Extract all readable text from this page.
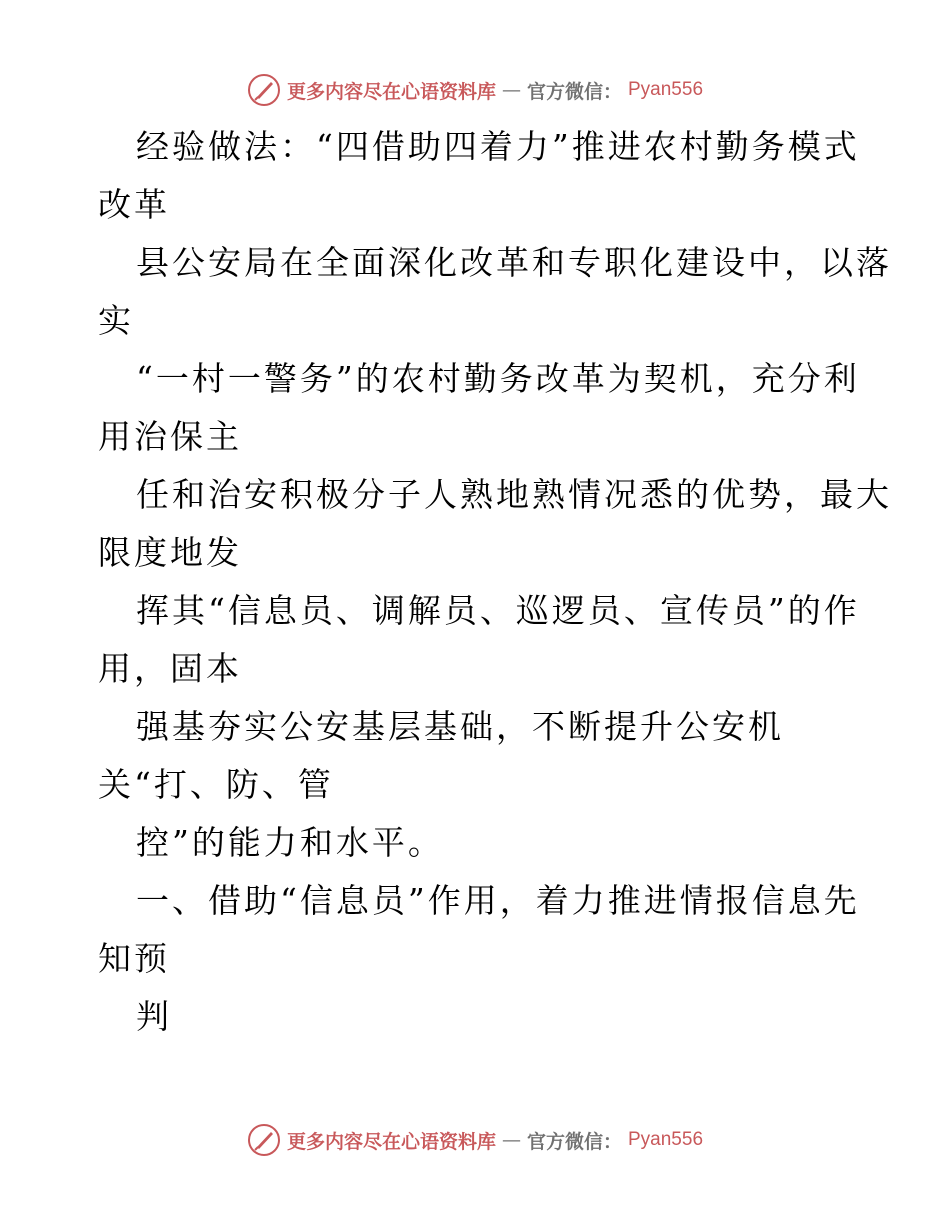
更多内容尽在心语资料库 — 官方微信： Pyan556
经验做法：“四借助四着力”推进农村勤务模式
改革
县公安局在全面深化改革和专职化建设中，以落
实
“一村一警务”的农村勤务改革为契机，充分利
用治保主
任和治安积极分子人熟地熟情况悉的优势，最大
限度地发
挥其“信息员、调解员、巡逻员、宣传员”的作
用，固本
强基夯实公安基层基础，不断提升公安机
关“打、防、管
控”的能力和水平。
一、借助“信息员”作用，着力推进情报信息先
知预
判
更多内容尽在心语资料库 — 官方微信： Pyan556
